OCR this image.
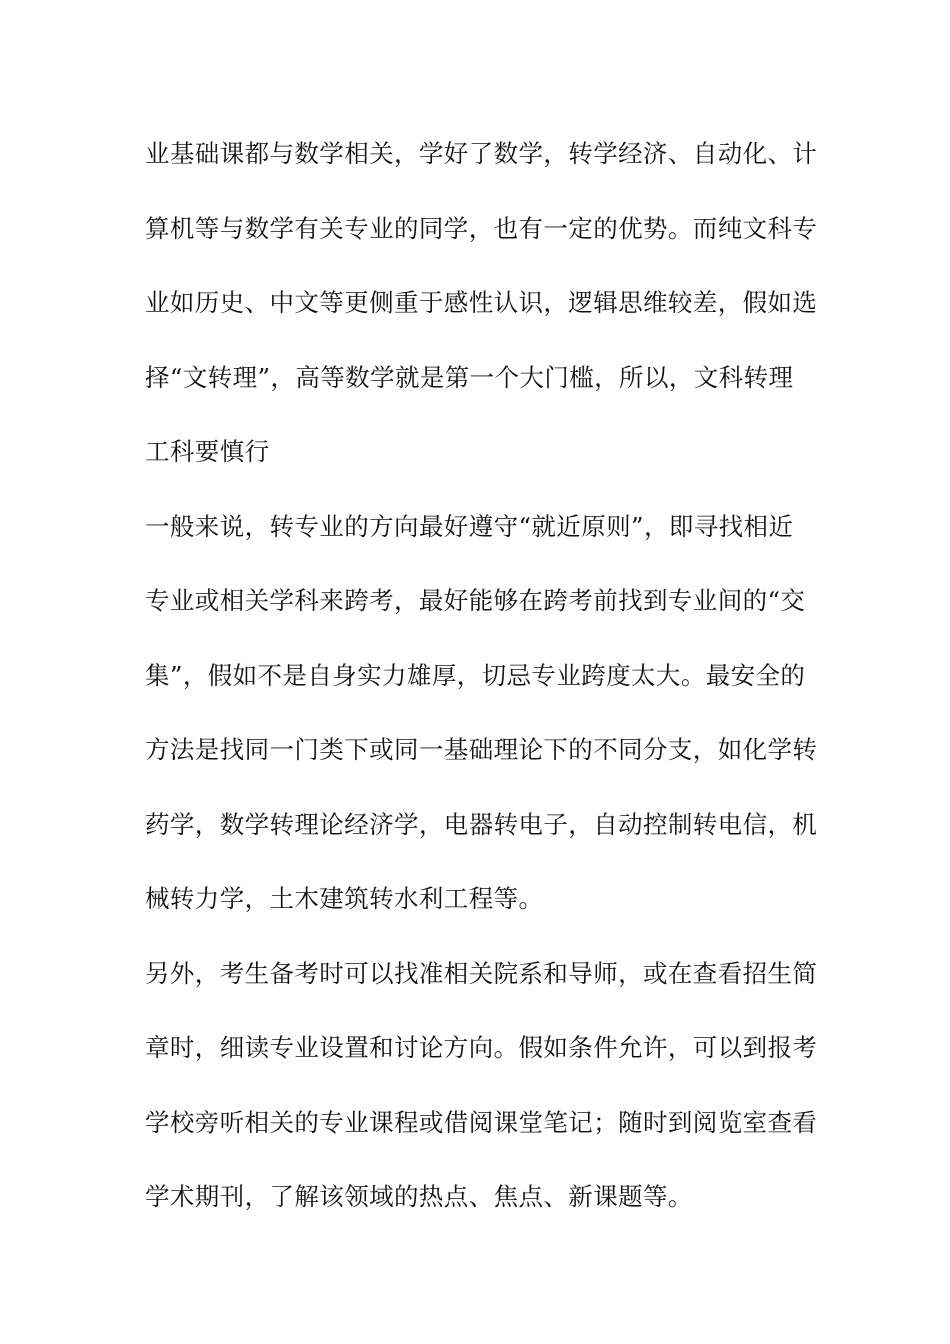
业基础课都与数学相关，学好了数学，转学经济、自动化、计
算机等与数学有关专业的同学，也有一定的优势。而纯文科专
业如历史、中文等更侧重于感性认识，逻辑思维较差，假如选
择“文转理”，高等数学就是第一个大门槛，所以，文科转理
工科要慎行
一般来说，转专业的方向最好遵守“就近原则”，即寻找相近
专业或相关学科来跨考，最好能够在跨考前找到专业间的“交
集”，假如不是自身实力雄厚，切忌专业跨度太大。最安全的
方法是找同一门类下或同一基础理论下的不同分支，如化学转
药学，数学转理论经济学，电器转电子，自动控制转电信，机
械转力学，土木建筑转水利工程等。
另外，考生备考时可以找准相关院系和导师，或在查看招生简
章时，细读专业设置和讨论方向。假如条件允许，可以到报考
学校旁听相关的专业课程或借阅课堂笔记；随时到阅览室查看
学术期刊，了解该领域的热点、焦点、新课题等。
